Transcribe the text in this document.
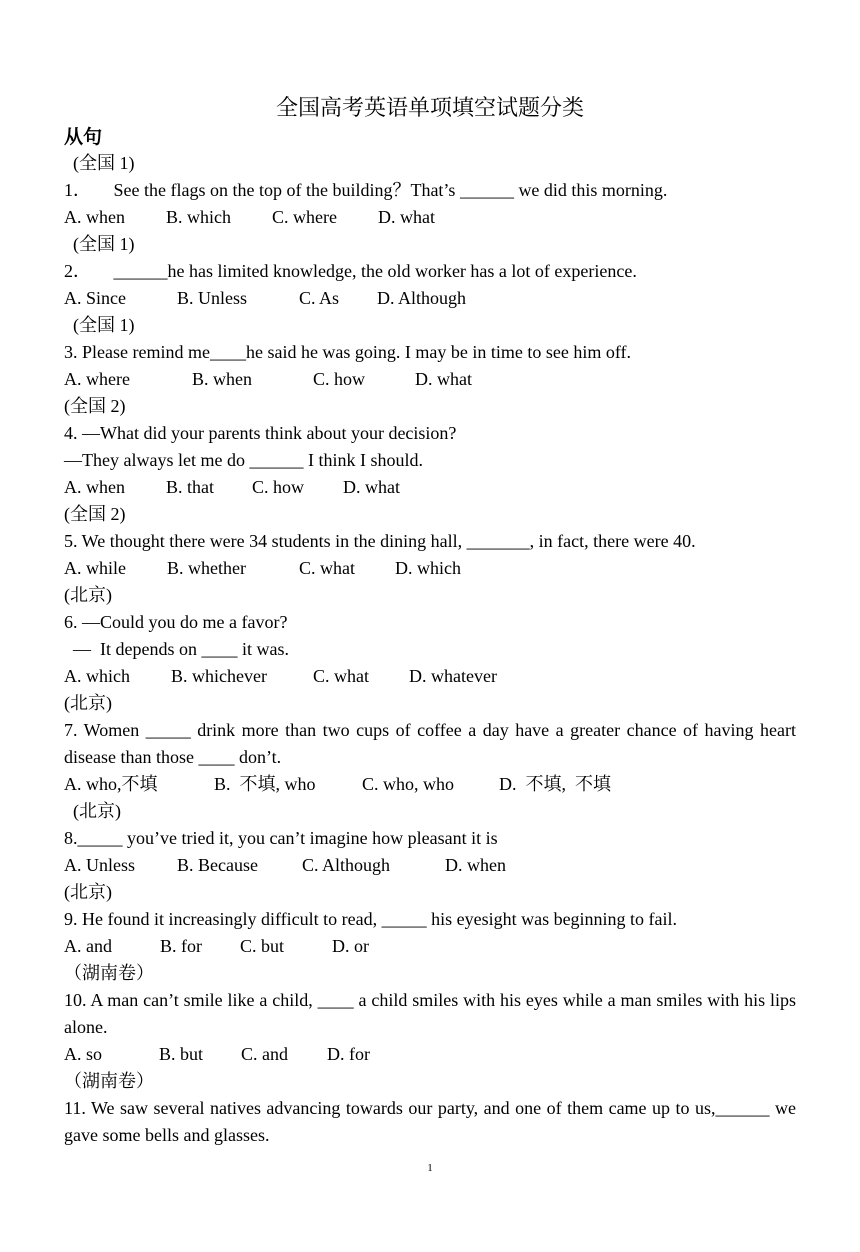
全国高考英语单项填空试题分类
从句
(全国 1)
1．     See the flags on the top of the building？That’s ______ we did this morning.
A. when	B. which	C. where	D. what
(全国 1)
2．     ______he has limited knowledge, the old worker has a lot of experience.
A. Since	B. Unless	C. As	D. Although
(全国 1)
3. Please remind me____he said he was going. I may be in time to see him off.
A. where	B. when	C. how	D. what
(全国 2)
4. —What did your parents think about your decision?
—They always let me do ______ I think I should.
A. when	B. that	C. how	D. what
(全国 2)
5. We thought there were 34 students in the dining hall, _______, in fact, there were 40.
A. while	B. whether	C. what	D. which
(北京)
6. —Could you do me a favor?
—  It depends on ____ it was.
A. which	B. whichever	C. what	D. whatever
(北京)
7. Women _____ drink more than two cups of coffee a day have a greater chance of having heart disease than those ____ don’t.
A. who,不填	B.  不填, who	C. who, who	D.  不填,  不填
(北京)
8._____ you’ve tried it, you can’t imagine how pleasant it is
A. Unless	B. Because	C. Although	D. when
(北京)
9. He found it increasingly difficult to read, _____ his eyesight was beginning to fail.
A. and	B. for	C. but	D. or
（湖南卷）
10. A man can’t smile like a child, ____ a child smiles with his eyes while a man smiles with his lips alone.
A. so	B. but	C. and	D. for
（湖南卷）
11. We saw several natives advancing towards our party, and one of them came up to us,______ we gave some bells and glasses.
1
